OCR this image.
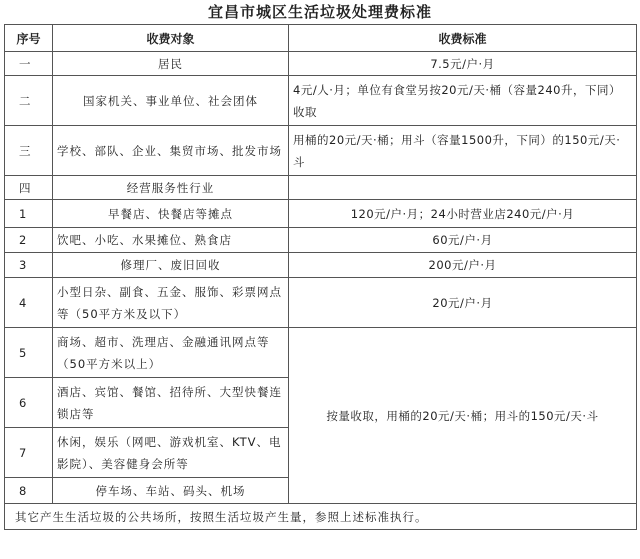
宜昌市城区生活垃圾处理费标准
序号	收费对象	收费标准
一	居民	7.5元/户·月
二	国家机关、事业单位、社会团体	4元/人·月；单位有食堂另按20元/天·桶（容量240升，下同）收取
三	学校、部队、企业、集贸市场、批发市场	用桶的20元/天·桶；用斗（容量1500升，下同）的150元/天·斗
四	经营服务性行业	
1	早餐店、快餐店等摊点	120元/户·月；24小时营业店240元/户·月
2	饮吧、小吃、水果摊位、熟食店	60元/户·月
3	修理厂、废旧回收	200元/户·月
4	小型日杂、副食、五金、服饰、彩票网点等（50平方米及以下）	20元/户·月
5	商场、超市、洗理店、金融通讯网点等（50平方米以上）	按量收取，用桶的20元/天·桶；用斗的150元/天·斗
6	酒店、宾馆、餐馆、招待所、大型快餐连锁店等	
7	休闲，娱乐（网吧、游戏机室、KTV、电影院）、美容健身会所等	
8	停车场、车站、码头、机场	
其它产生生活垃圾的公共场所，按照生活垃圾产生量，参照上述标准执行。		
